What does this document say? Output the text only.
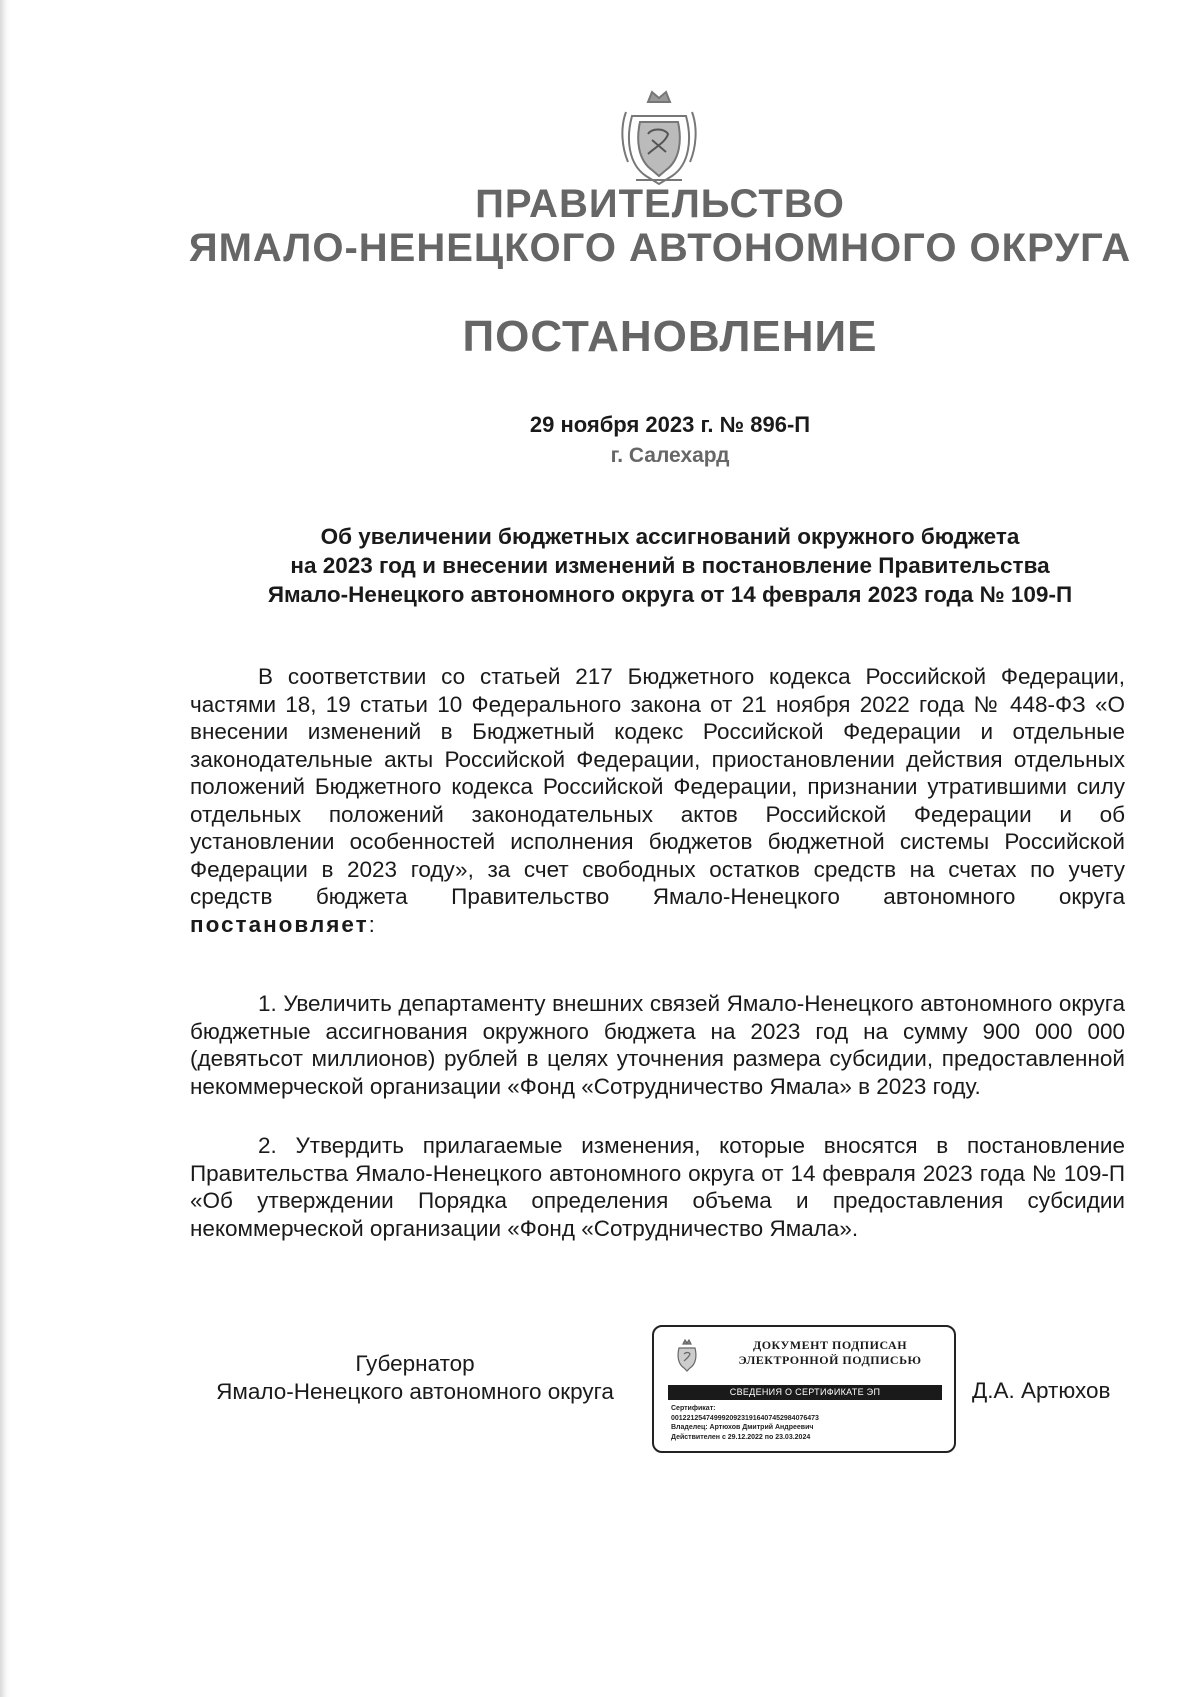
ПРАВИТЕЛЬСТВО
ЯМАЛО-НЕНЕЦКОГО АВТОНОМНОГО ОКРУГА
ПОСТАНОВЛЕНИЕ
29 ноября 2023 г. № 896-П
г. Салехард
Об увеличении бюджетных ассигнований окружного бюджета
на 2023 год и внесении изменений в постановление Правительства
Ямало-Ненецкого автономного округа от 14 февраля 2023 года № 109-П

В соответствии со статьей 217 Бюджетного кодекса Российской Федерации, частями 18, 19 статьи 10 Федерального закона от 21 ноября 2022 года № 448-ФЗ «О внесении изменений в Бюджетный кодекс Российской Федерации и отдельные законодательные акты Российской Федерации, приостановлении действия отдельных положений Бюджетного кодекса Российской Федерации, признании утратившими силу отдельных положений законодательных актов Российской Федерации и об установлении особенностей исполнения бюджетов бюджетной системы Российской Федерации в 2023 году», за счет свободных остатков средств на счетах по учету средств бюджета Правительство Ямало-Ненецкого автономного округа постановляет:

1. Увеличить департаменту внешних связей Ямало-Ненецкого автономного округа бюджетные ассигнования окружного бюджета на 2023 год на сумму 900 000 000 (девятьсот миллионов) рублей в целях уточнения размера субсидии, предоставленной некоммерческой организации «Фонд «Сотрудничество Ямала» в 2023 году.

2. Утвердить прилагаемые изменения, которые вносятся в постановление Правительства Ямало-Ненецкого автономного округа от 14 февраля 2023 года № 109-П «Об утверждении Порядка определения объема и предоставления субсидии некоммерческой организации «Фонд «Сотрудничество Ямала».

Губернатор
Ямало-Ненецкого автономного округа
ДОКУМЕНТ ПОДПИСАН
ЭЛЕКТРОННОЙ ПОДПИСЬЮ
СВЕДЕНИЯ О СЕРТИФИКАТЕ ЭП
Сертификат:
00122125474999209231916407452984076473
Владелец: Артюхов Дмитрий Андреевич
Действителен с 29.12.2022 по 23.03.2024
Д.А. Артюхов
